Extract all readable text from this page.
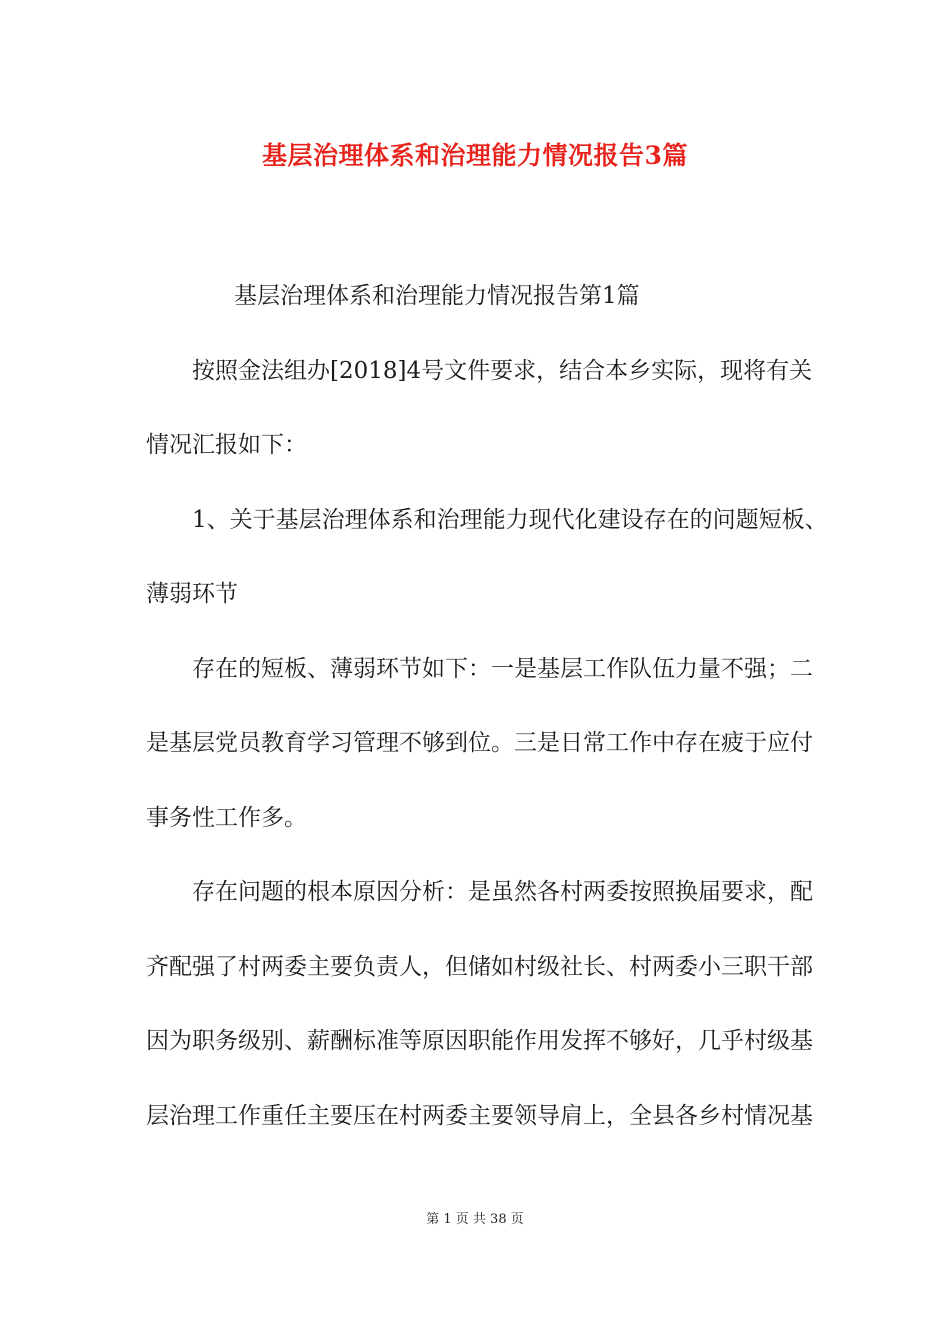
基层治理体系和治理能力情况报告3篇
基层治理体系和治理能力情况报告第1篇
按照金法组办[2018]4号文件要求，结合本乡实际，现将有关
情况汇报如下：
1、关于基层治理体系和治理能力现代化建设存在的问题短板、
薄弱环节
存在的短板、薄弱环节如下：一是基层工作队伍力量不强；二
是基层党员教育学习管理不够到位。三是日常工作中存在疲于应付
事务性工作多。
存在问题的根本原因分析：是虽然各村两委按照换届要求，配
齐配强了村两委主要负责人，但储如村级社长、村两委小三职干部
因为职务级别、薪酬标准等原因职能作用发挥不够好，几乎村级基
层治理工作重任主要压在村两委主要领导肩上，全县各乡村情况基

第 1 页 共 38 页
